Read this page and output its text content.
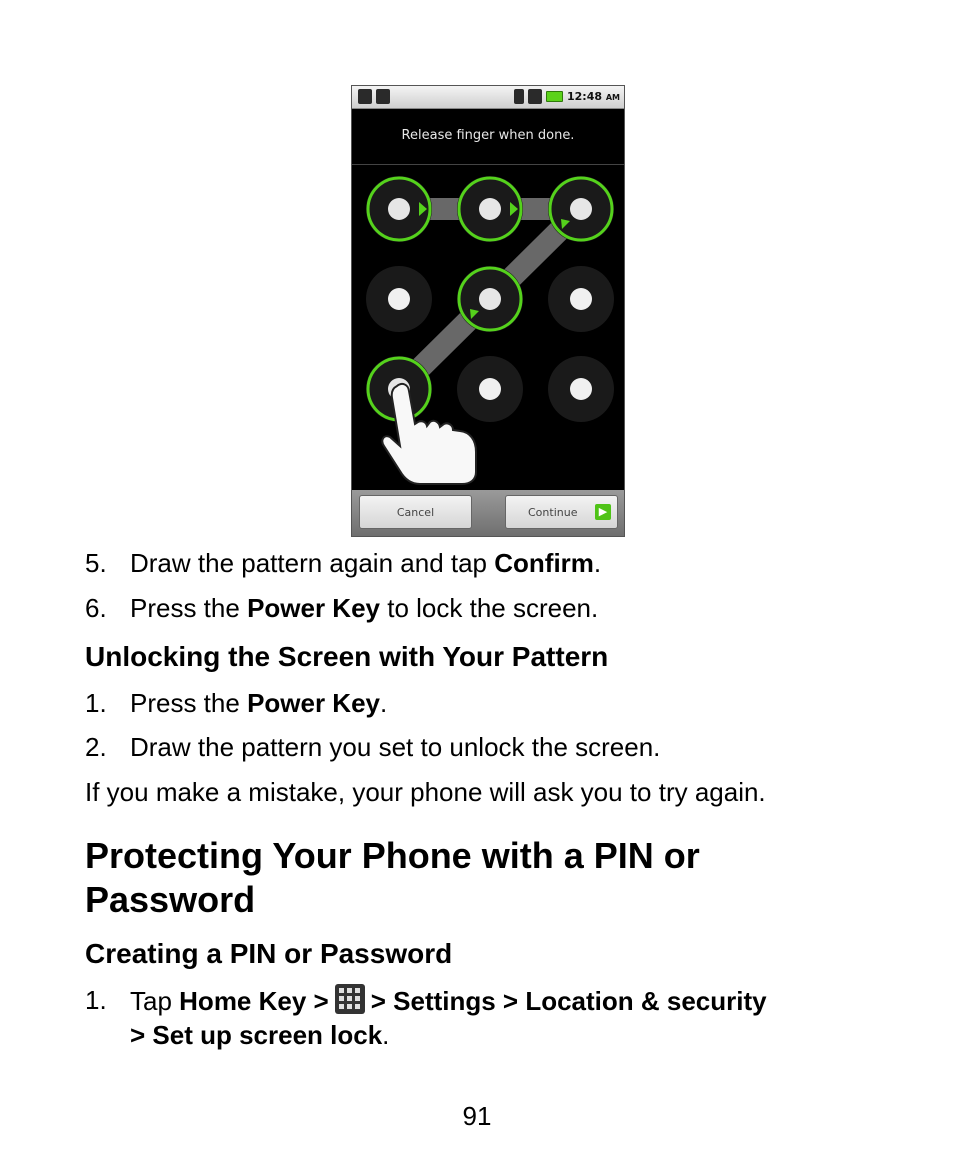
12:48 AM
Release finger when done.
Cancel	Continue	▶
5. Draw the pattern again and tap Confirm.
6. Press the Power Key to lock the screen.
Unlocking the Screen with Your Pattern
1. Press the Power Key.
2. Draw the pattern you set to unlock the screen.
If you make a mistake, your phone will ask you to try again.
Protecting Your Phone with a PIN or
Password
Creating a PIN or Password
1. Tap Home Key > > Settings > Location & security
> Set up screen lock.
91
